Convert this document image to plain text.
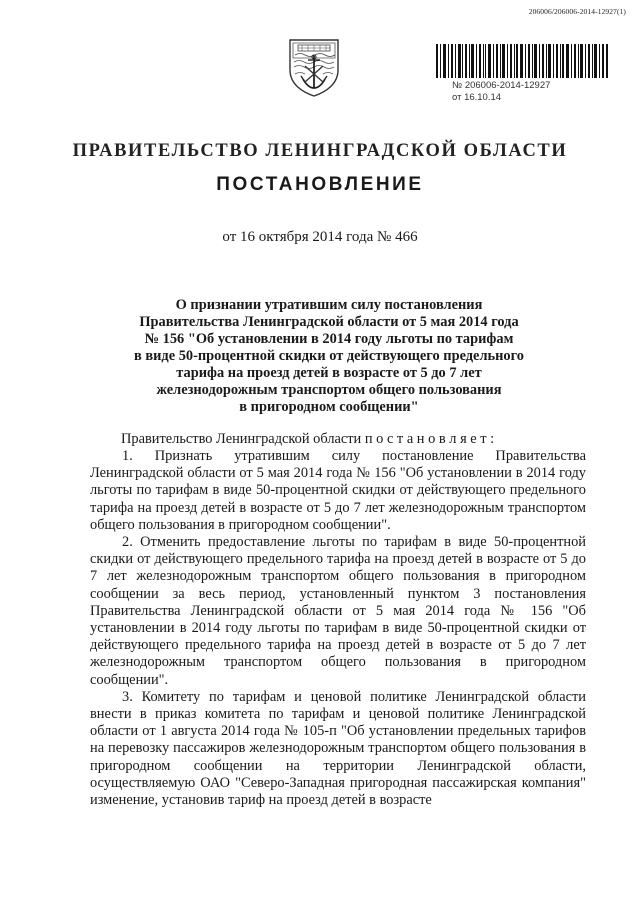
206006/206006-2014-12927(1)
№ 206006-2014-12927
от 16.10.14
ПРАВИТЕЛЬСТВО ЛЕНИНГРАДСКОЙ ОБЛАСТИ
ПОСТАНОВЛЕНИЕ
от 16 октября 2014 года № 466
О признании утратившим силу постановления
Правительства Ленинградской области от 5 мая 2014 года
№ 156 "Об установлении в 2014 году льготы по тарифам
в виде 50-процентной скидки от действующего предельного
тарифа на проезд детей в возрасте от 5 до 7 лет
железнодорожным транспортом общего пользования
в пригородном сообщении"
Правительство Ленинградской области п о с т а н о в л я е т :

1. Признать утратившим силу постановление Правительства Ленинградской области от 5 мая 2014 года № 156 "Об установлении в 2014 году льготы по тарифам в виде 50-процентной скидки от действующего предельного тарифа на проезд детей в возрасте от 5 до 7 лет железнодорожным транспортом общего пользования в пригородном сообщении".

2. Отменить предоставление льготы по тарифам в виде 50-процентной скидки от действующего предельного тарифа на проезд детей в возрасте от 5 до 7 лет железнодорожным транспортом общего пользования в пригородном сообщении за весь период, установленный пунктом 3 постановления Правительства Ленинградской области от 5 мая 2014 года № 156 "Об установлении в 2014 году льготы по тарифам в виде 50-процентной скидки от действующего предельного тарифа на проезд детей в возрасте от 5 до 7 лет железнодорожным транспортом общего пользования в пригородном сообщении".

3. Комитету по тарифам и ценовой политике Ленинградской области внести в приказ комитета по тарифам и ценовой политике Ленинградской области от 1 августа 2014 года № 105-п "Об установлении предельных тарифов на перевозку пассажиров железнодорожным транспортом общего пользования в пригородном сообщении на территории Ленинградской области, осуществляемую ОАО "Северо-Западная пригородная пассажирская компания" изменение, установив тариф на проезд детей в возрасте
